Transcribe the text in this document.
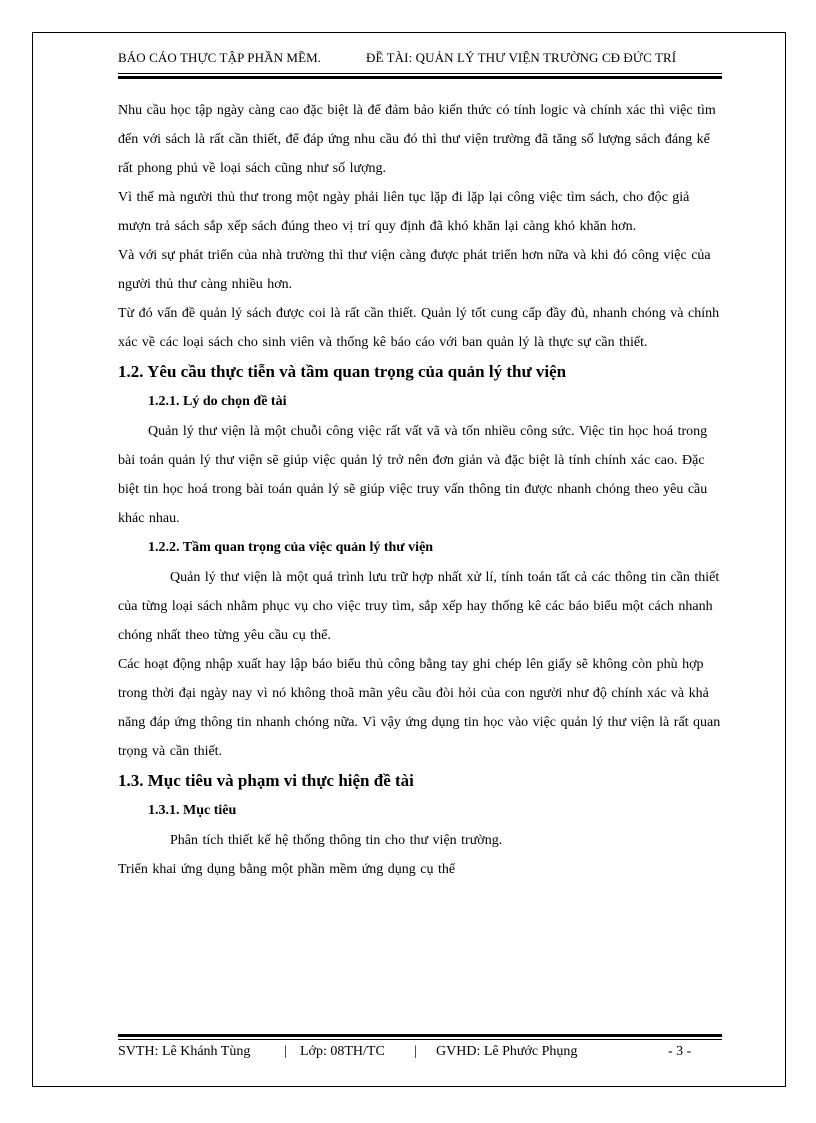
BÁO CÁO THỰC TẬP PHẦN MỀM.	ĐỀ TÀI: QUẢN LÝ THƯ VIỆN TRƯỜNG CĐ ĐỨC TRÍ

Nhu cầu học tập ngày càng cao đặc biệt là để đảm bảo kiến thức có tính logic và chính xác thì việc tìm đến với sách là rất cần thiết, để đáp ứng nhu cầu đó thì thư viện trường đã tăng số lượng sách đáng kể rất phong phú về loại sách cũng như số lượng.

Vì thế mà người thủ thư trong một ngày phải liên tục lặp đi lặp lại công việc tìm sách, cho độc giả mượn trả sách sắp xếp sách đúng theo vị trí quy định đã khó khăn lại càng khó khăn hơn.

Và với sự phát triển của nhà trường thì thư viện càng được phát triển hơn nữa và khi đó công việc của người thủ thư càng nhiều hơn.

Từ đó vấn đề quản lý sách được coi là rất cần thiết. Quản lý tốt cung cấp đầy đủ, nhanh chóng và chính xác về các loại sách cho sinh viên và thống kê báo cáo với ban quản lý là thực sự cần thiết.

1.2. Yêu cầu thực tiễn và tầm quan trọng của quản lý thư viện
1.2.1. Lý do chọn đề tài

Quản lý thư viện là một chuỗi công việc rất vất vã và tốn nhiều công sức. Việc tin học hoá trong bài toán quản lý thư viện sẽ giúp việc quản lý trở nên đơn giản và đặc biệt là tính chính xác cao. Đặc biệt tin học hoá trong bài toán quản lý sẽ giúp việc truy vấn thông tin được nhanh chóng theo yêu cầu khác nhau.

1.2.2. Tầm quan trọng của việc quản lý thư viện

Quản lý thư viện là một quá trình lưu trữ hợp nhất xử lí, tính toán tất cả các thông tin cần thiết của từng loại sách nhằm phục vụ cho việc truy tìm, sắp xếp hay thống kê các báo biểu một cách nhanh chóng nhất theo từng yêu cầu cụ thể.

Các hoạt động nhập xuất hay lập báo biểu thủ công bằng tay ghi chép lên giấy sẽ không còn phù hợp trong thời đại ngày nay vì nó không thoã mãn yêu cầu đòi hỏi của con người như độ chính xác và khả năng đáp ứng thông tin nhanh chóng nữa. Vì vậy ứng dụng tin học vào việc quản lý thư viện là rất quan trọng và cần thiết.

1.3. Mục tiêu và phạm vi thực hiện đề tài
1.3.1. Mục tiêu

Phân tích thiết kế hệ thống thông tin cho thư viện trường.

Triển khai ứng dụng bằng một phần mềm ứng dụng cụ thể

SVTH: Lê Khánh Tùng | Lớp: 08TH/TC | GVHD: Lê Phước Phụng	- 3 -
